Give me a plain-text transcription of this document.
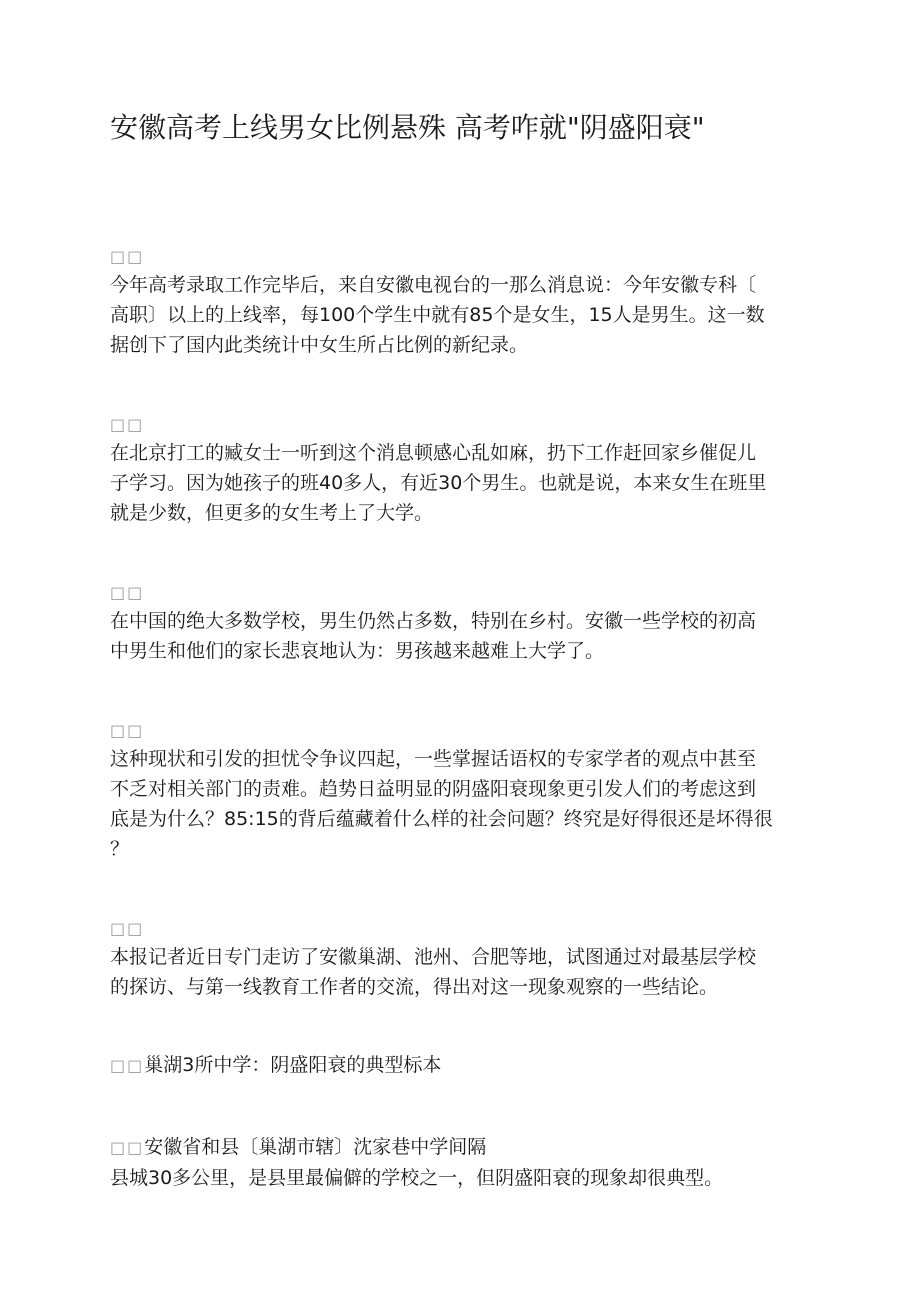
安徽高考上线男女比例悬殊 高考咋就"阴盛阳衰"
□□

今年高考录取工作完毕后，来自安徽电视台的一那么消息说：今年安徽专科〔
高职〕以上的上线率，每100个学生中就有85个是女生，15人是男生。这一数
据创下了国内此类统计中女生所占比例的新纪录。

□□

在北京打工的臧女士一听到这个消息顿感心乱如麻，扔下工作赶回家乡催促儿
子学习。因为她孩子的班40多人，有近30个男生。也就是说，本来女生在班里
就是少数，但更多的女生考上了大学。

□□

在中国的绝大多数学校，男生仍然占多数，特别在乡村。安徽一些学校的初高
中男生和他们的家长悲哀地认为：男孩越来越难上大学了。

□□

这种现状和引发的担忧令争议四起，一些掌握话语权的专家学者的观点中甚至
不乏对相关部门的责难。趋势日益明显的阴盛阳衰现象更引发人们的考虑这到
底是为什么？85:15的背后蕴藏着什么样的社会问题？终究是好得很还是坏得很
？

□□

本报记者近日专门走访了安徽巢湖、池州、合肥等地，试图通过对最基层学校
的探访、与第一线教育工作者的交流，得出对这一现象观察的一些结论。

□□巢湖3所中学：阴盛阳衰的典型标本

□□安徽省和县〔巢湖市辖〕沈家巷中学间隔
县城30多公里，是县里最偏僻的学校之一，但阴盛阳衰的现象却很典型。
